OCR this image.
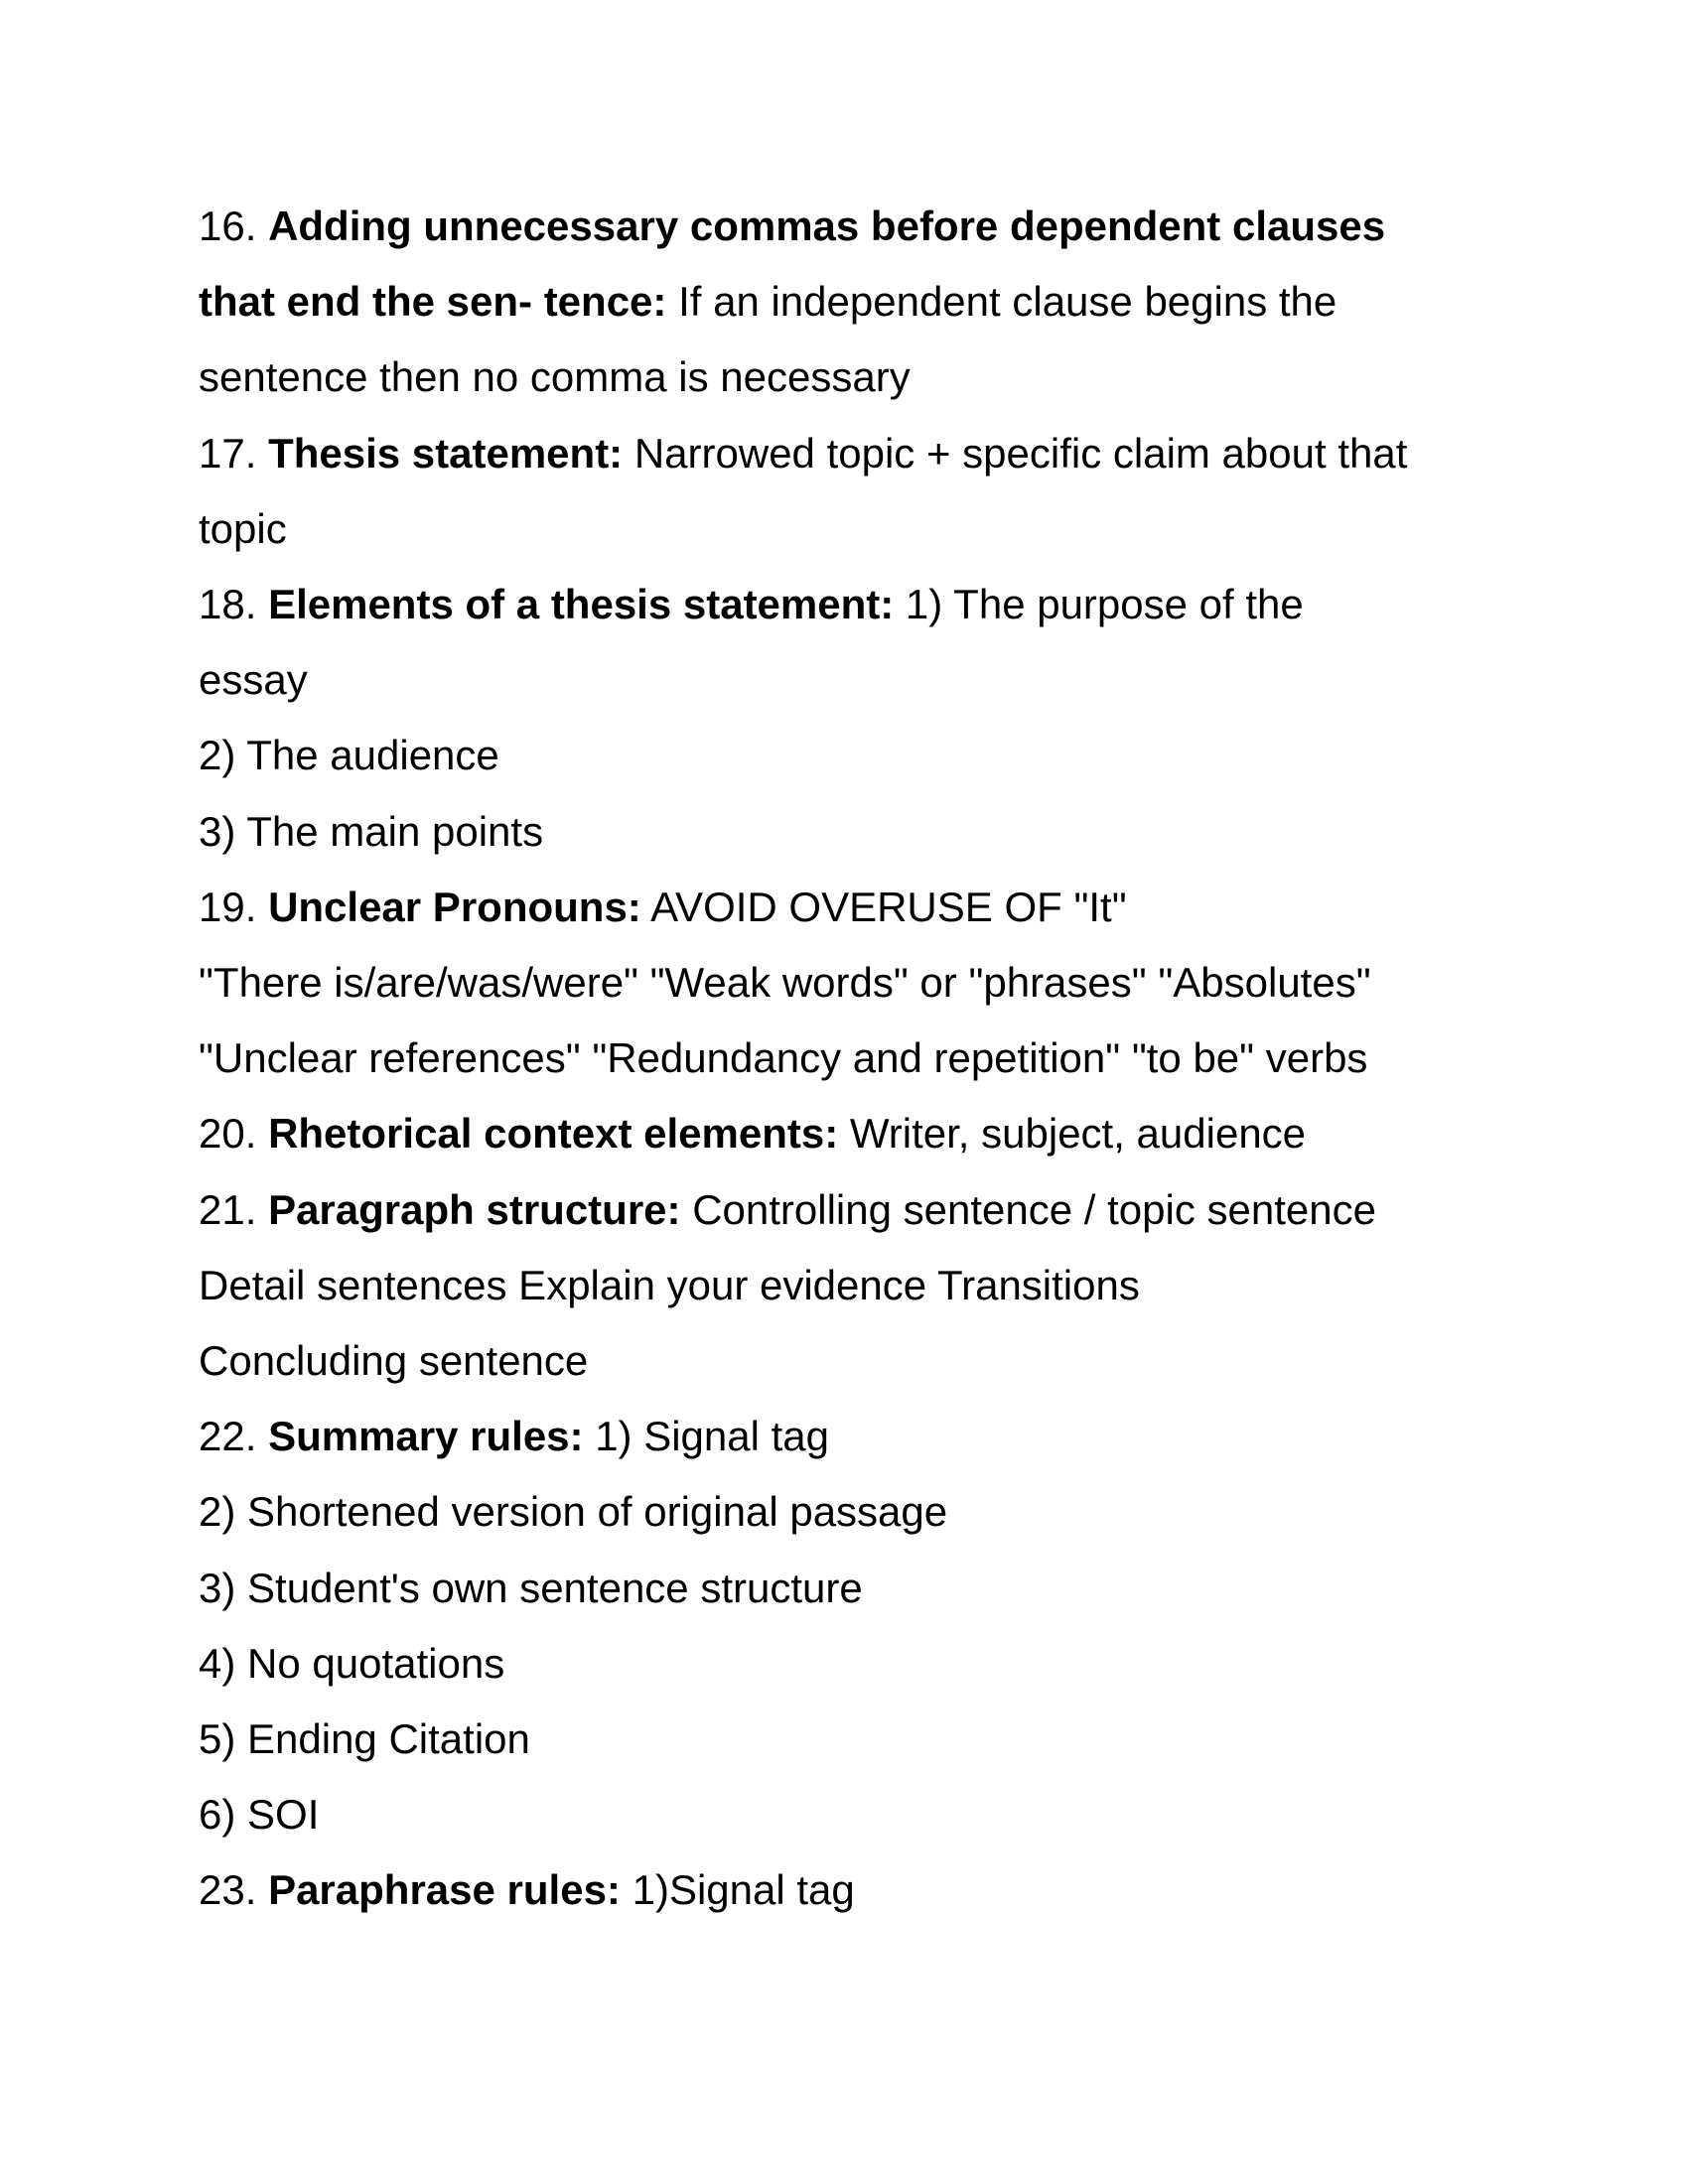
16. Adding unnecessary commas before dependent clauses
that end the sen- tence: If an independent clause begins the
sentence then no comma is necessary
17. Thesis statement: Narrowed topic + specific claim about that
topic
18. Elements of a thesis statement: 1) The purpose of the
essay
2) The audience
3) The main points
19. Unclear Pronouns: AVOID OVERUSE OF "It"
"There is/are/was/were" "Weak words" or "phrases" "Absolutes"
"Unclear references" "Redundancy and repetition" "to be" verbs
20. Rhetorical context elements: Writer, subject, audience
21. Paragraph structure: Controlling sentence / topic sentence
Detail sentences Explain your evidence Transitions
Concluding sentence
22. Summary rules: 1) Signal tag
2) Shortened version of original passage
3) Student's own sentence structure
4) No quotations
5) Ending Citation
6) SOI
23. Paraphrase rules: 1)Signal tag
